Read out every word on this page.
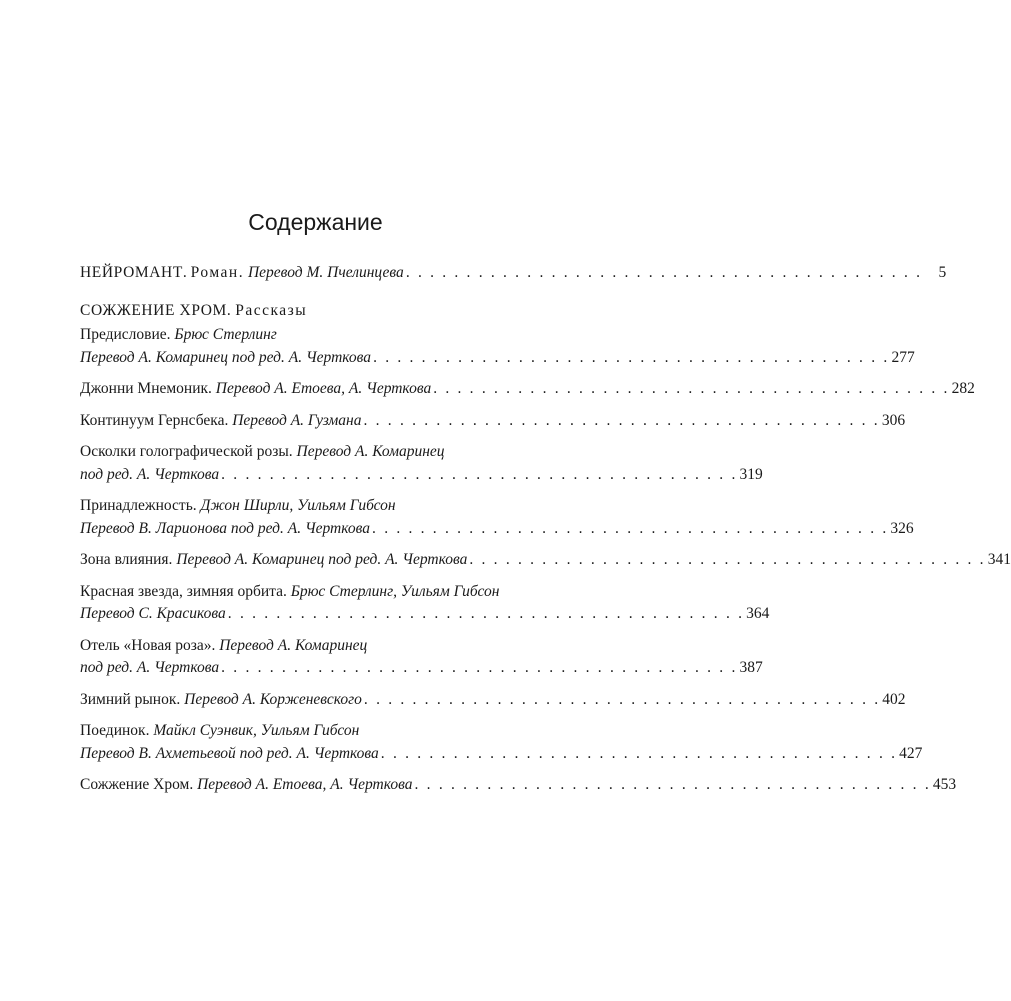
Содержание
НЕЙРОМАНТ. Роман. Перевод М. Пчелинцева . . . . . . . . . . . . . . . . . . . . . . . . . . . . . . . . . . . . . . . . . . .	5
СОЖЖЕНИЕ ХРОМ. Рассказы
Предисловие. Брюс Стерлинг
Перевод А. Комаринец под ред. А. Черткова . . . . . . . . . . . . . . . . . . . . . . . . . . . . . . . . . . . . . . . . . . . 277
Джонни Мнемоник. Перевод А. Етоева, А. Черткова . . . . . . . . . . . . . . . . . . . . . . . . . . . . . . . . . . . . . . . . . . . 282
Континуум Гернсбека. Перевод А. Гузмана . . . . . . . . . . . . . . . . . . . . . . . . . . . . . . . . . . . . . . . . . . . 306
Осколки голографической розы. Перевод А. Комаринец
под ред. А. Черткова . . . . . . . . . . . . . . . . . . . . . . . . . . . . . . . . . . . . . . . . . . . 319
Принадлежность. Джон Ширли, Уильям Гибсон
Перевод В. Ларионова под ред. А. Черткова . . . . . . . . . . . . . . . . . . . . . . . . . . . . . . . . . . . . . . . . . . . 326
Зона влияния. Перевод А. Комаринец под ред. А. Черткова . . . . . . . . . . . . . . . . . . . . . . . . . . . . . . . . . . . . . . . . . . . 341
Красная звезда, зимняя орбита. Брюс Стерлинг, Уильям Гибсон
Перевод С. Красикова . . . . . . . . . . . . . . . . . . . . . . . . . . . . . . . . . . . . . . . . . . . 364
Отель «Новая роза». Перевод А. Комаринец
под ред. А. Черткова . . . . . . . . . . . . . . . . . . . . . . . . . . . . . . . . . . . . . . . . . . . 387
Зимний рынок. Перевод А. Корженевского . . . . . . . . . . . . . . . . . . . . . . . . . . . . . . . . . . . . . . . . . . . 402
Поединок. Майкл Суэнвик, Уильям Гибсон
Перевод В. Ахметьевой под ред. А. Черткова . . . . . . . . . . . . . . . . . . . . . . . . . . . . . . . . . . . . . . . . . . . 427
Сожжение Хром. Перевод А. Етоева, А. Черткова . . . . . . . . . . . . . . . . . . . . . . . . . . . . . . . . . . . . . . . . . . . 453
